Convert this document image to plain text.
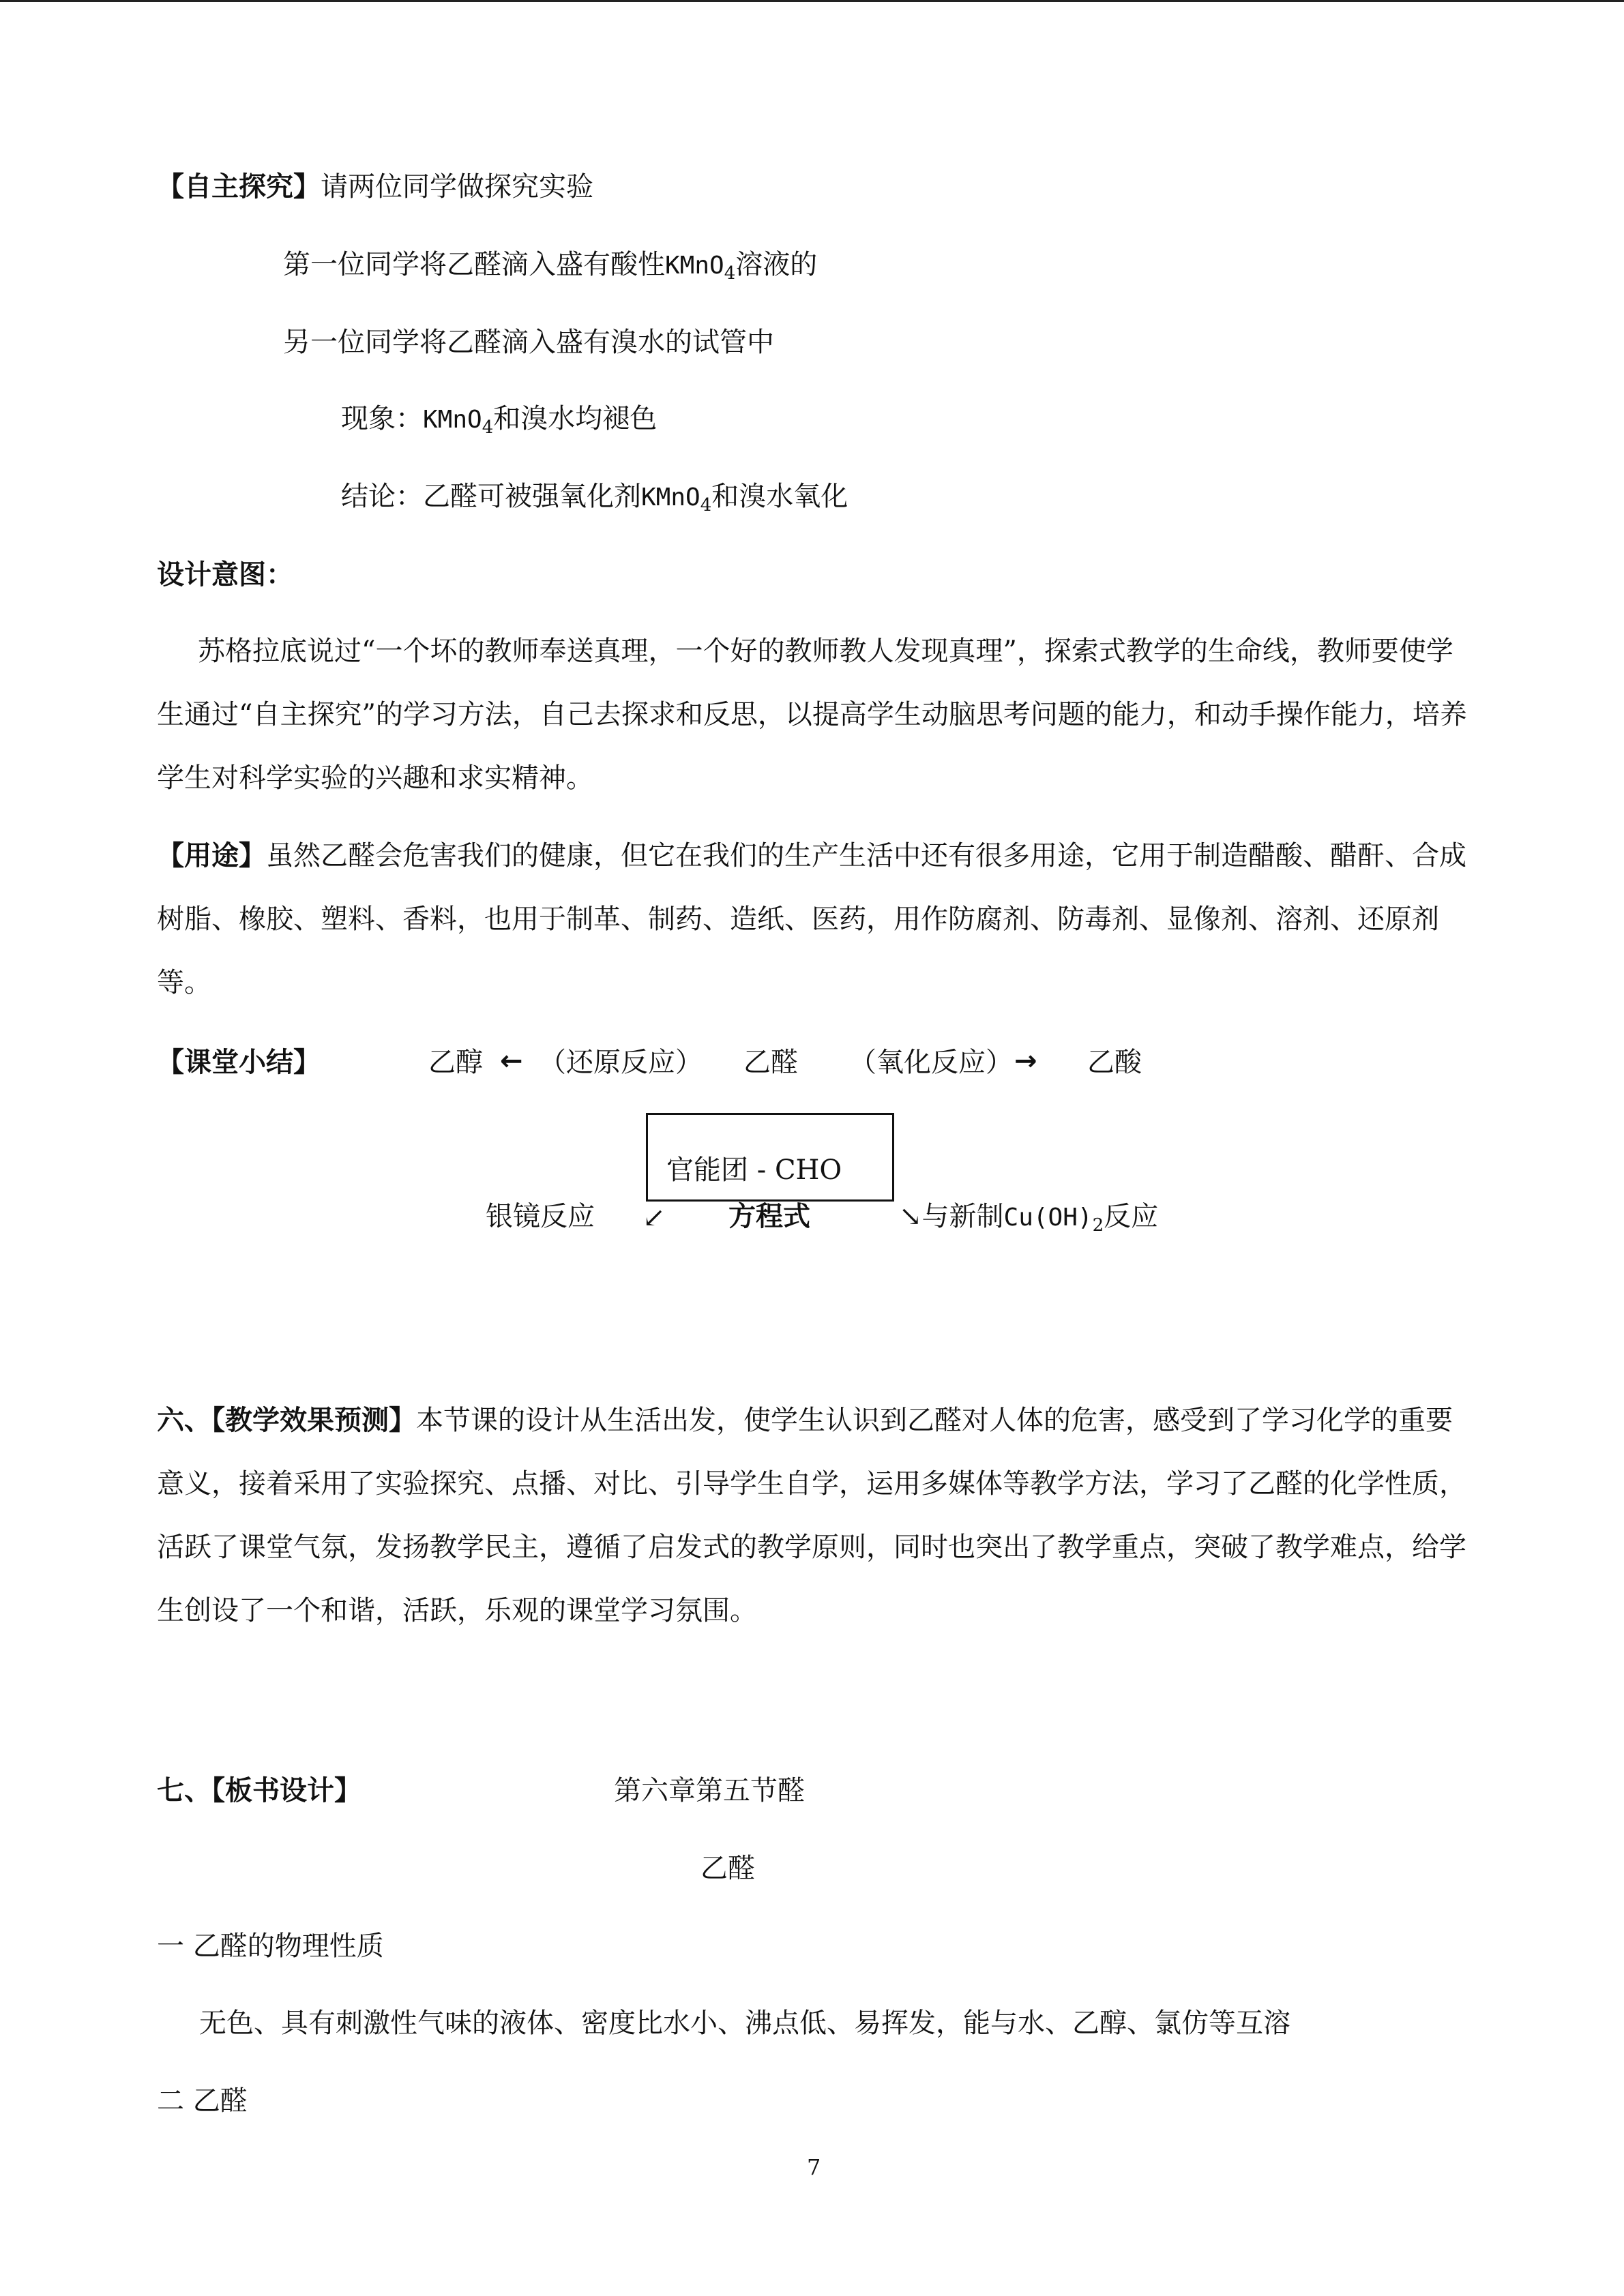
【自主探究】请两位同学做探究实验
第一位同学将乙醛滴入盛有酸性KMnO$_4$溶液的
另一位同学将乙醛滴入盛有溴水的试管中
现象：KMnO$_4$和溴水均褪色
结论：乙醛可被强氧化剂KMnO$_4$和溴水氧化
设计意图：
苏格拉底说过“一个坏的教师奉送真理，一个好的教师教人发现真理”，探索式教学的生命线，教师要使学生通过“自主探究”的学习方法，自己去探求和反思，以提高学生动脑思考问题的能力，和动手操作能力，培养学生对科学实验的兴趣和求实精神。
【用途】虽然乙醛会危害我们的健康，但它在我们的生产生活中还有很多用途，它用于制造醋酸、醋酐、合成树脂、橡胶、塑料、香料，也用于制革、制药、造纸、医药，用作防腐剂、防毒剂、显像剂、溶剂、还原剂等。
【课堂小结】	乙醇 ← （还原反应） 乙醛 （氧化反应） → 乙酸
官能团 - CHO
银镜反应 ↙ 方程式	↘与新制$Cu(OH)_2$反应
六、【教学效果预测】本节课的设计从生活出发，使学生认识到乙醛对人体的危害，感受到了学习化学的重要意义，接着采用了实验探究、点播、对比、引导学生自学，运用多媒体等教学方法，学习了乙醛的化学性质，活跃了课堂气氛，发扬教学民主，遵循了启发式的教学原则，同时也突出了教学重点，突破了教学难点，给学生创设了一个和谐，活跃，乐观的课堂学习氛围。
七、【板书设计】	第六章第五节醛
乙醛
一 乙醛的物理性质
无色、具有刺激性气味的液体、密度比水小、沸点低、易挥发，能与水、乙醇、氯仿等互溶
二 乙醛
7
